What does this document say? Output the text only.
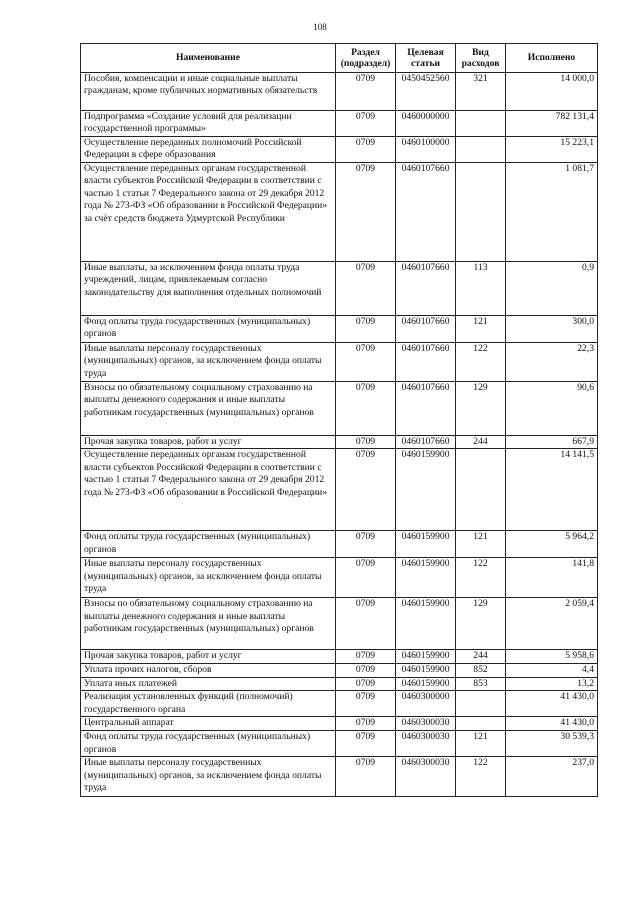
108
Наименование	Раздел (подраздел)	Целевая статьи	Вид расходов	Исполнено
Пособия, компенсации и иные социальные выплаты гражданам, кроме публичных нормативных обязательств	0709	0450452560	321	14 000,0
Подпрограмма «Создание условий для реализации государственной программы»	0709	0460000000		782 131,4
Осуществление переданных полномочий Российской Федерации в сфере образования	0709	0460100000		15 223,1
Осуществление переданных органам государственной власти субъектов Российской Федерации в соответствии с частью 1 статьи 7 Федерального закона от 29 декабря 2012 года № 273-ФЗ «Об образовании в Российской Федерации» за счёт средств бюджета Удмуртской Республики	0709	0460107660		1 081,7
Иные выплаты, за исключением фонда оплаты труда учреждений, лицам, привлекаемым согласно законодательству для выполнения отдельных полномочий	0709	0460107660	113	0,9
Фонд оплаты труда государственных (муниципальных) органов	0709	0460107660	121	300,0
Иные выплаты персоналу государственных (муниципальных) органов, за исключением фонда оплаты труда	0709	0460107660	122	22,3
Взносы по обязательному социальному страхованию на выплаты денежного содержания и иные выплаты работникам государственных (муниципальных) органов	0709	0460107660	129	90,6
Прочая закупка товаров, работ и услуг	0709	0460107660	244	667,9
Осуществление переданных органам государственной власти субъектов Российской Федерации в соответствии с частью 1 статьи 7 Федерального закона от 29 декабря 2012 года № 273-ФЗ «Об образовании в Российской Федерации»	0709	0460159900		14 141,5
Фонд оплаты труда государственных (муниципальных) органов	0709	0460159900	121	5 964,2
Иные выплаты персоналу государственных (муниципальных) органов, за исключением фонда оплаты труда	0709	0460159900	122	141,8
Взносы по обязательному социальному страхованию на выплаты денежного содержания и иные выплаты работникам государственных (муниципальных) органов	0709	0460159900	129	2 059,4
Прочая закупка товаров, работ и услуг	0709	0460159900	244	5 958,6
Уплата прочих налогов, сборов	0709	0460159900	852	4,4
Уплата иных платежей	0709	0460159900	853	13,2
Реализация установленных функций (полномочий) государственного органа	0709	0460300000		41 430,0
Центральный аппарат	0709	0460300030		41 430,0
Фонд оплаты труда государственных (муниципальных) органов	0709	0460300030	121	30 539,3
Иные выплаты персоналу государственных (муниципальных) органов, за исключением фонда оплаты труда	0709	0460300030	122	237,0
